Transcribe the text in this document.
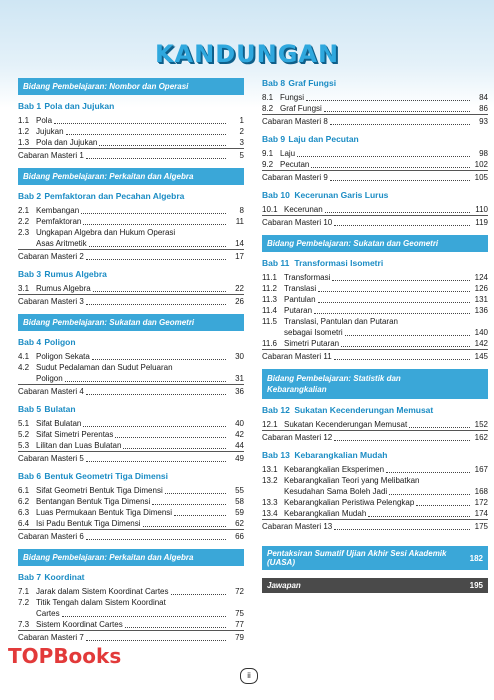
KANDUNGAN
Bidang Pembelajaran: Nombor dan Operasi
Bab 1 Pola dan Jujukan
1.1 Pola	1
1.2 Jujukan	2
1.3 Pola dan Jujukan	3
Cabaran Masteri 1	5
Bidang Pembelajaran: Perkaitan dan Algebra
Bab 2 Pemfaktoran dan Pecahan Algebra
2.1 Kembangan	8
2.2 Pemfaktoran	11
2.3 Ungkapan Algebra dan Hukum Operasi
Asas Aritmetik	14
Cabaran Masteri 2	17
Bab 3 Rumus Algebra
3.1 Rumus Algebra	22
Cabaran Masteri 3	26
Bidang Pembelajaran: Sukatan dan Geometri
Bab 4 Poligon
4.1 Poligon Sekata	30
4.2 Sudut Pedalaman dan Sudut Peluaran
Poligon	31
Cabaran Masteri 4	36
Bab 5 Bulatan
5.1 Sifat Bulatan	40
5.2 Sifat Simetri Perentas	42
5.3 Lilitan dan Luas Bulatan	44
Cabaran Masteri 5	49
Bab 6 Bentuk Geometri Tiga Dimensi
6.1 Sifat Geometri Bentuk Tiga Dimensi	55
6.2 Bentangan Bentuk Tiga Dimensi	58
6.3 Luas Permukaan Bentuk Tiga Dimensi	59
6.4 Isi Padu Bentuk Tiga Dimensi	62
Cabaran Masteri 6	66
Bidang Pembelajaran: Perkaitan dan Algebra
Bab 7 Koordinat
7.1 Jarak dalam Sistem Koordinat Cartes	72
7.2 Titik Tengah dalam Sistem Koordinat
Cartes	75
7.3 Sistem Koordinat Cartes	77
Cabaran Masteri 7	79
Bab 8 Graf Fungsi
8.1 Fungsi	84
8.2 Graf Fungsi	86
Cabaran Masteri 8	93
Bab 9 Laju dan Pecutan
9.1 Laju	98
9.2 Pecutan	102
Cabaran Masteri 9	105
Bab 10 Kecerunan Garis Lurus
10.1 Kecerunan	110
Cabaran Masteri 10	119
Bidang Pembelajaran: Sukatan dan Geometri
Bab 11 Transformasi Isometri
11.1 Transformasi	124
11.2 Translasi	126
11.3 Pantulan	131
11.4 Putaran	136
11.5 Translasi, Pantulan dan Putaran
sebagai Isometri	140
11.6 Simetri Putaran	142
Cabaran Masteri 11	145
Bidang Pembelajaran: Statistik dan
Kebarangkalian
Bab 12 Sukatan Kecenderungan Memusat
12.1 Sukatan Kecenderungan Memusat	152
Cabaran Masteri 12	162
Bab 13 Kebarangkalian Mudah
13.1 Kebarangkalian Eksperimen	167
13.2 Kebarangkalian Teori yang Melibatkan
Kesudahan Sama Boleh Jadi	168
13.3 Kebarangkalian Peristiwa Pelengkap	172
13.4 Kebarangkalian Mudah	174
Cabaran Masteri 13	175
Pentaksiran Sumatif Ujian Akhir Sesi Akademik
(UASA)	182
Jawapan	195
TOPBooks
ii
